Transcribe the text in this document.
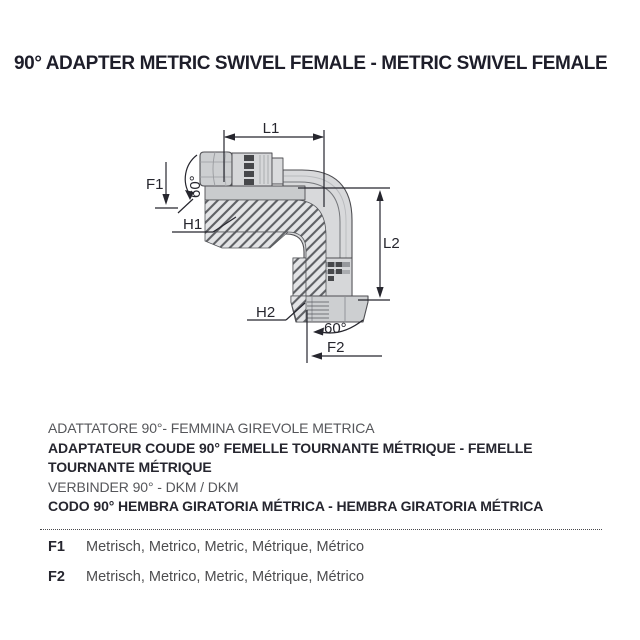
90° ADAPTER METRIC SWIVEL FEMALE - METRIC SWIVEL FEMALE
L1
L2
F1 60°
H1
H2
60°
F2
ADATTATORE 90°- FEMMINA GIREVOLE METRICA
ADAPTATEUR COUDE 90° FEMELLE TOURNANTE MÉTRIQUE - FEMELLE TOURNANTE MÉTRIQUE
VERBINDER 90° - DKM / DKM
CODO 90° HEMBRA GIRATORIA MÉTRICA - HEMBRA GIRATORIA MÉTRICA
F1 Metrisch, Metrico, Metric, Métrique, Métrico
F2 Metrisch, Metrico, Metric, Métrique, Métrico
